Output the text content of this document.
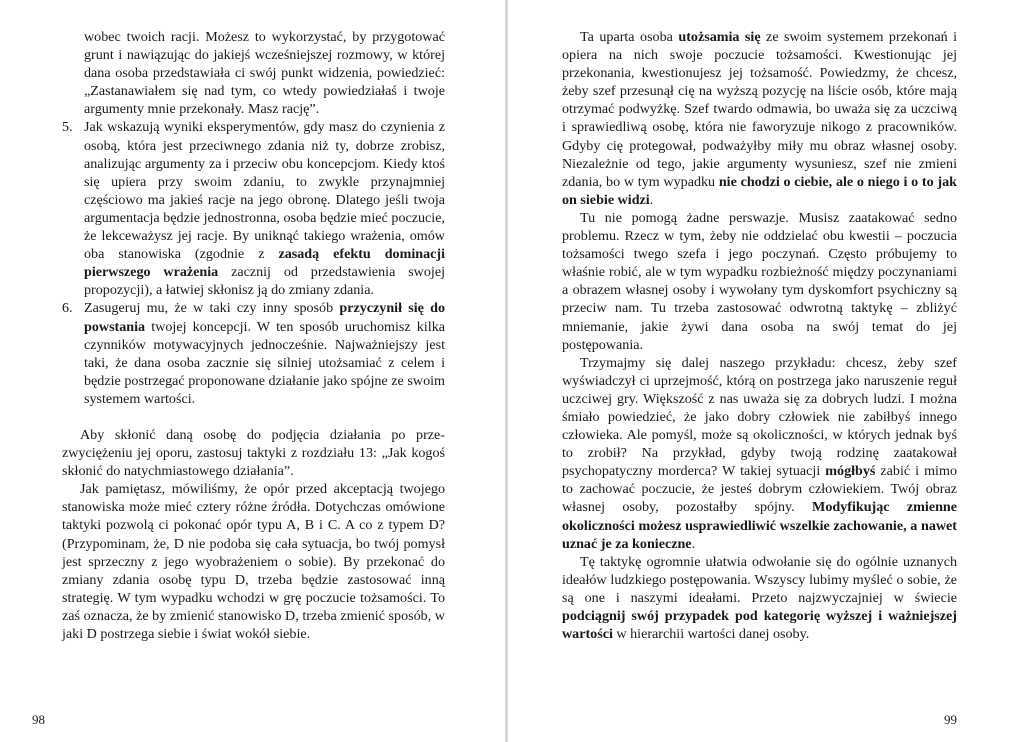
wobec twoich racji. Możesz to wykorzystać, by przygotować grunt i nawiązując do jakiejś wcześniejszej rozmowy, w której dana osoba przedstawiała ci swój punkt widzenia, powiedzieć: „Zastanawiałem się nad tym, co wtedy powiedziałaś i twoje argumenty mnie przekonały. Masz rację”.

5. Jak wskazują wyniki eksperymentów, gdy masz do czynienia z osobą, która jest przeciwnego zdania niż ty, dobrze zrobisz, analizując argumenty za i przeciw obu koncepcjom. Kiedy ktoś się upiera przy swoim zdaniu, to zwykle przynajmniej częściowo ma jakieś racje na jego obronę. Dlatego jeśli twoja argumentacja będzie jednostronna, osoba będzie mieć poczucie, że lekceważysz jej racje. By uniknąć takiego wrażenia, omów oba stanowiska (zgodnie z zasadą efektu dominacji pierwszego wrażenia zacznij od przedstawienia swojej propozycji), a łatwiej skłonisz ją do zmiany zdania.
6. Zasugeruj mu, że w taki czy inny sposób przyczynił się do powstania twojej koncepcji. W ten sposób uruchomisz kilka czynników motywacyjnych jednocześnie. Najważniejszy jest taki, że dana osoba zacznie się silniej utożsamiać z celem i będzie postrzegać proponowane działanie jako spójne ze swoim systemem wartości.

Aby skłonić daną osobę do podjęcia działania po przezwyciężeniu jej oporu, zastosuj taktyki z rozdziału 13: „Jak kogoś skłonić do natychmiastowego działania”.

Jak pamiętasz, mówiliśmy, że opór przed akceptacją twojego stanowiska może mieć cztery różne źródła. Dotychczas omówione taktyki pozwolą ci pokonać opór typu A, B i C. A co z typem D? (Przypominam, że, D nie podoba się cała sytuacja, bo twój pomysł jest sprzeczny z jego wyobrażeniem o sobie). By przekonać do zmiany zdania osobę typu D, trzeba będzie zastosować inną strategię. W tym wypadku wchodzi w grę poczucie tożsamości. To zaś oznacza, że by zmienić stanowisko D, trzeba zmienić sposób, w jaki D postrzega siebie i świat wokół siebie.

98

Ta uparta osoba utożsamia się ze swoim systemem przekonań i opiera na nich swoje poczucie tożsamości. Kwestionując jej przekonania, kwestionujesz jej tożsamość. Powiedzmy, że chcesz, żeby szef przesunął cię na wyższą pozycję na liście osób, które mają otrzymać podwyżkę. Szef twardo odmawia, bo uważa się za uczciwą i sprawiedliwą osobę, która nie faworyzuje nikogo z pracowników. Gdyby cię protegował, podważyłby miły mu obraz własnej osoby. Niezależnie od tego, jakie argumenty wysuniesz, szef nie zmieni zdania, bo w tym wypadku nie chodzi o ciebie, ale o niego i o to jak on siebie widzi.

Tu nie pomogą żadne perswazje. Musisz zaatakować sedno problemu. Rzecz w tym, żeby nie oddzielać obu kwestii – poczucia tożsamości twego szefa i jego poczynań. Często próbujemy to właśnie robić, ale w tym wypadku rozbieżność między poczynaniami a obrazem własnej osoby i wywołany tym dyskomfort psychiczny są przeciw nam. Tu trzeba zastosować odwrotną taktykę – zbliżyć mniemanie, jakie żywi dana osoba na swój temat do jej postępowania.

Trzymajmy się dalej naszego przykładu: chcesz, żeby szef wyświadczył ci uprzejmość, którą on postrzega jako naruszenie reguł uczciwej gry. Większość z nas uważa się za dobrych ludzi. I można śmiało powiedzieć, że jako dobry człowiek nie zabiłbyś innego człowieka. Ale pomyśl, może są okoliczności, w których jednak byś to zrobił? Na przykład, gdyby twoją rodzinę zaatakował psychopatyczny morderca? W takiej sytuacji mógłbyś zabić i mimo to zachować poczucie, że jesteś dobrym człowiekiem. Twój obraz własnej osoby, pozostałby spójny. Modyfikując zmienne okoliczności możesz usprawiedliwić wszelkie zachowanie, a nawet uznać je za konieczne.

Tę taktykę ogromnie ułatwia odwołanie się do ogólnie uznanych ideałów ludzkiego postępowania. Wszyscy lubimy myśleć o sobie, że są one i naszymi ideałami. Przeto najzwyczajniej w świecie podciągnij swój przypadek pod kategorię wyższej i ważniejszej wartości w hierarchii wartości danej osoby.

99
